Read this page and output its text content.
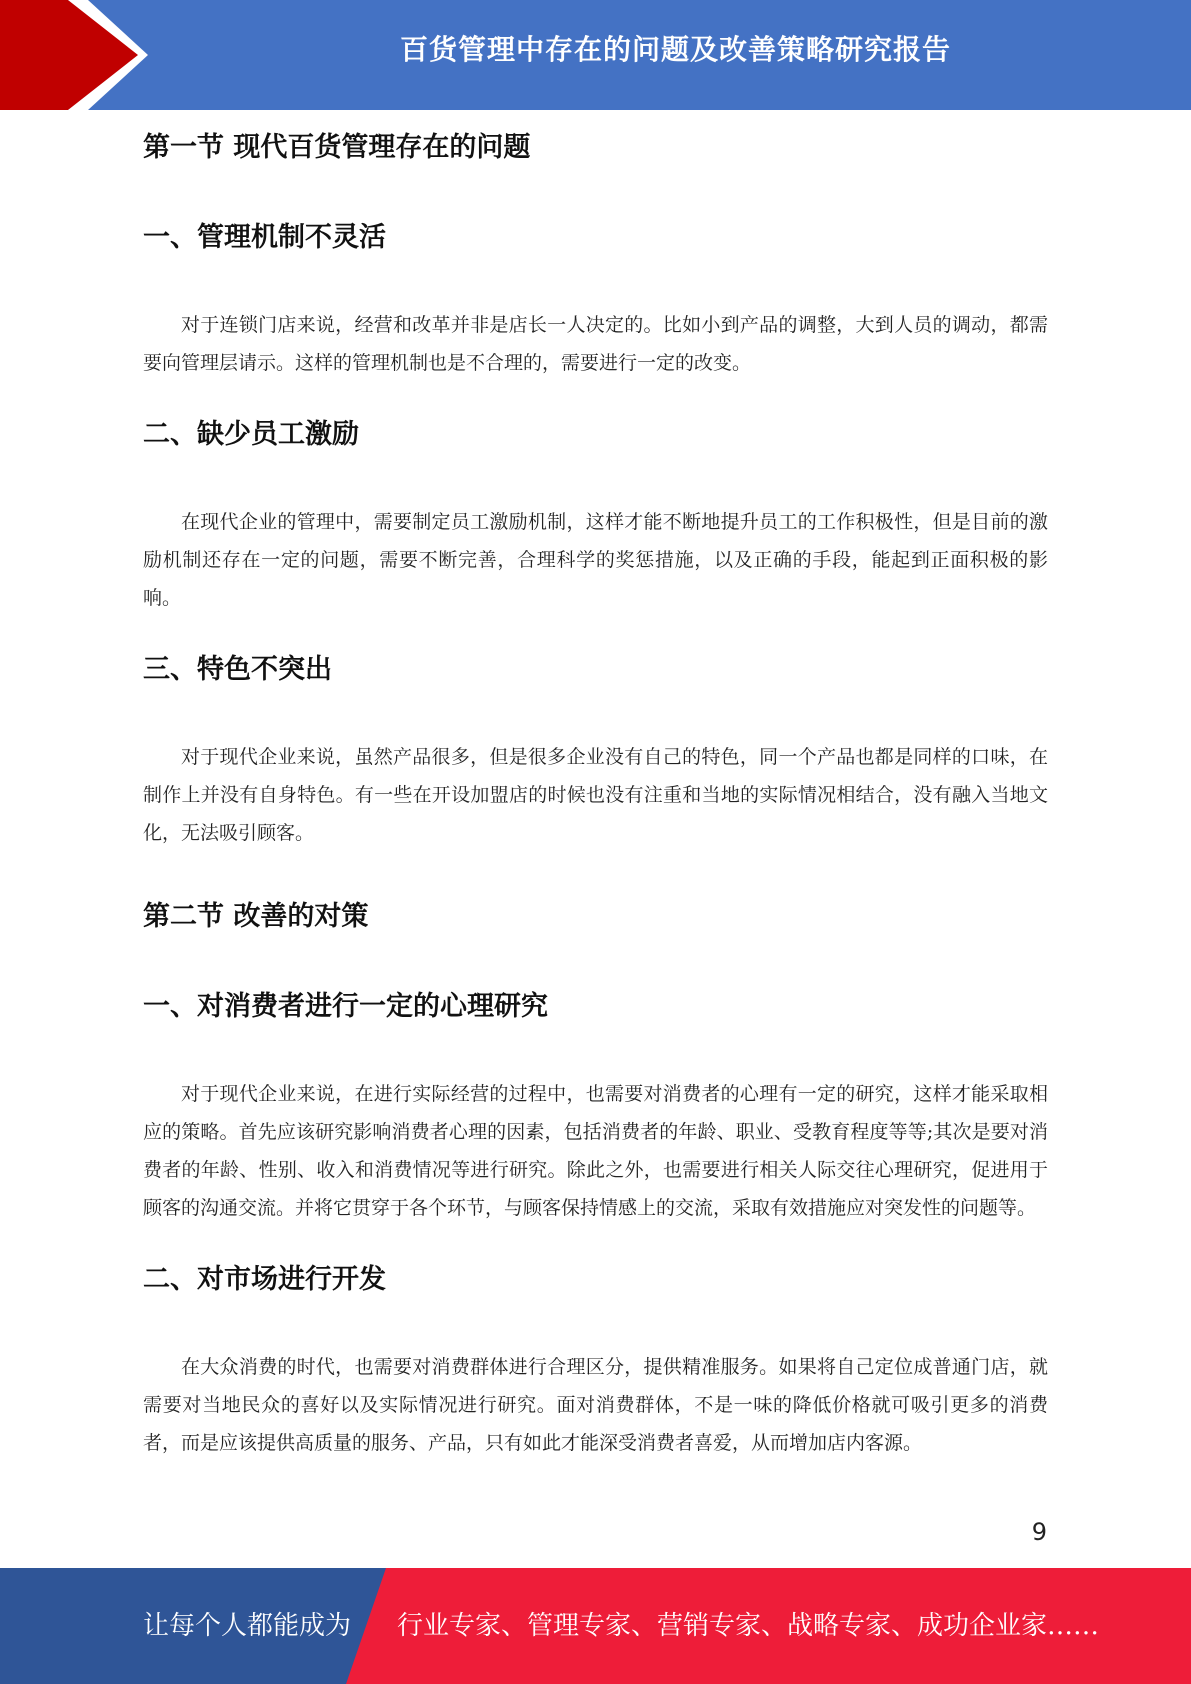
百货管理中存在的问题及改善策略研究报告
第一节 现代百货管理存在的问题
一、管理机制不灵活

对于连锁门店来说，经营和改革并非是店长一人决定的。比如小到产品的调整，大到人员的调动，都需要向管理层请示。这样的管理机制也是不合理的，需要进行一定的改变。

二、缺少员工激励

在现代企业的管理中，需要制定员工激励机制，这样才能不断地提升员工的工作积极性，但是目前的激励机制还存在一定的问题，需要不断完善，合理科学的奖惩措施，以及正确的手段，能起到正面积极的影响。

三、特色不突出

对于现代企业来说，虽然产品很多，但是很多企业没有自己的特色，同一个产品也都是同样的口味，在制作上并没有自身特色。有一些在开设加盟店的时候也没有注重和当地的实际情况相结合，没有融入当地文化，无法吸引顾客。

第二节 改善的对策
一、对消费者进行一定的心理研究

对于现代企业来说，在进行实际经营的过程中，也需要对消费者的心理有一定的研究，这样才能采取相应的策略。首先应该研究影响消费者心理的因素，包括消费者的年龄、职业、受教育程度等等;其次是要对消费者的年龄、性别、收入和消费情况等进行研究。除此之外，也需要进行相关人际交往心理研究，促进用于顾客的沟通交流。并将它贯穿于各个环节，与顾客保持情感上的交流，采取有效措施应对突发性的问题等。

二、对市场进行开发

在大众消费的时代，也需要对消费群体进行合理区分，提供精准服务。如果将自己定位成普通门店，就需要对当地民众的喜好以及实际情况进行研究。面对消费群体，不是一味的降低价格就可吸引更多的消费者，而是应该提供高质量的服务、产品，只有如此才能深受消费者喜爱，从而增加店内客源。

9
让每个人都能成为 行业专家、管理专家、营销专家、战略专家、成功企业家……
